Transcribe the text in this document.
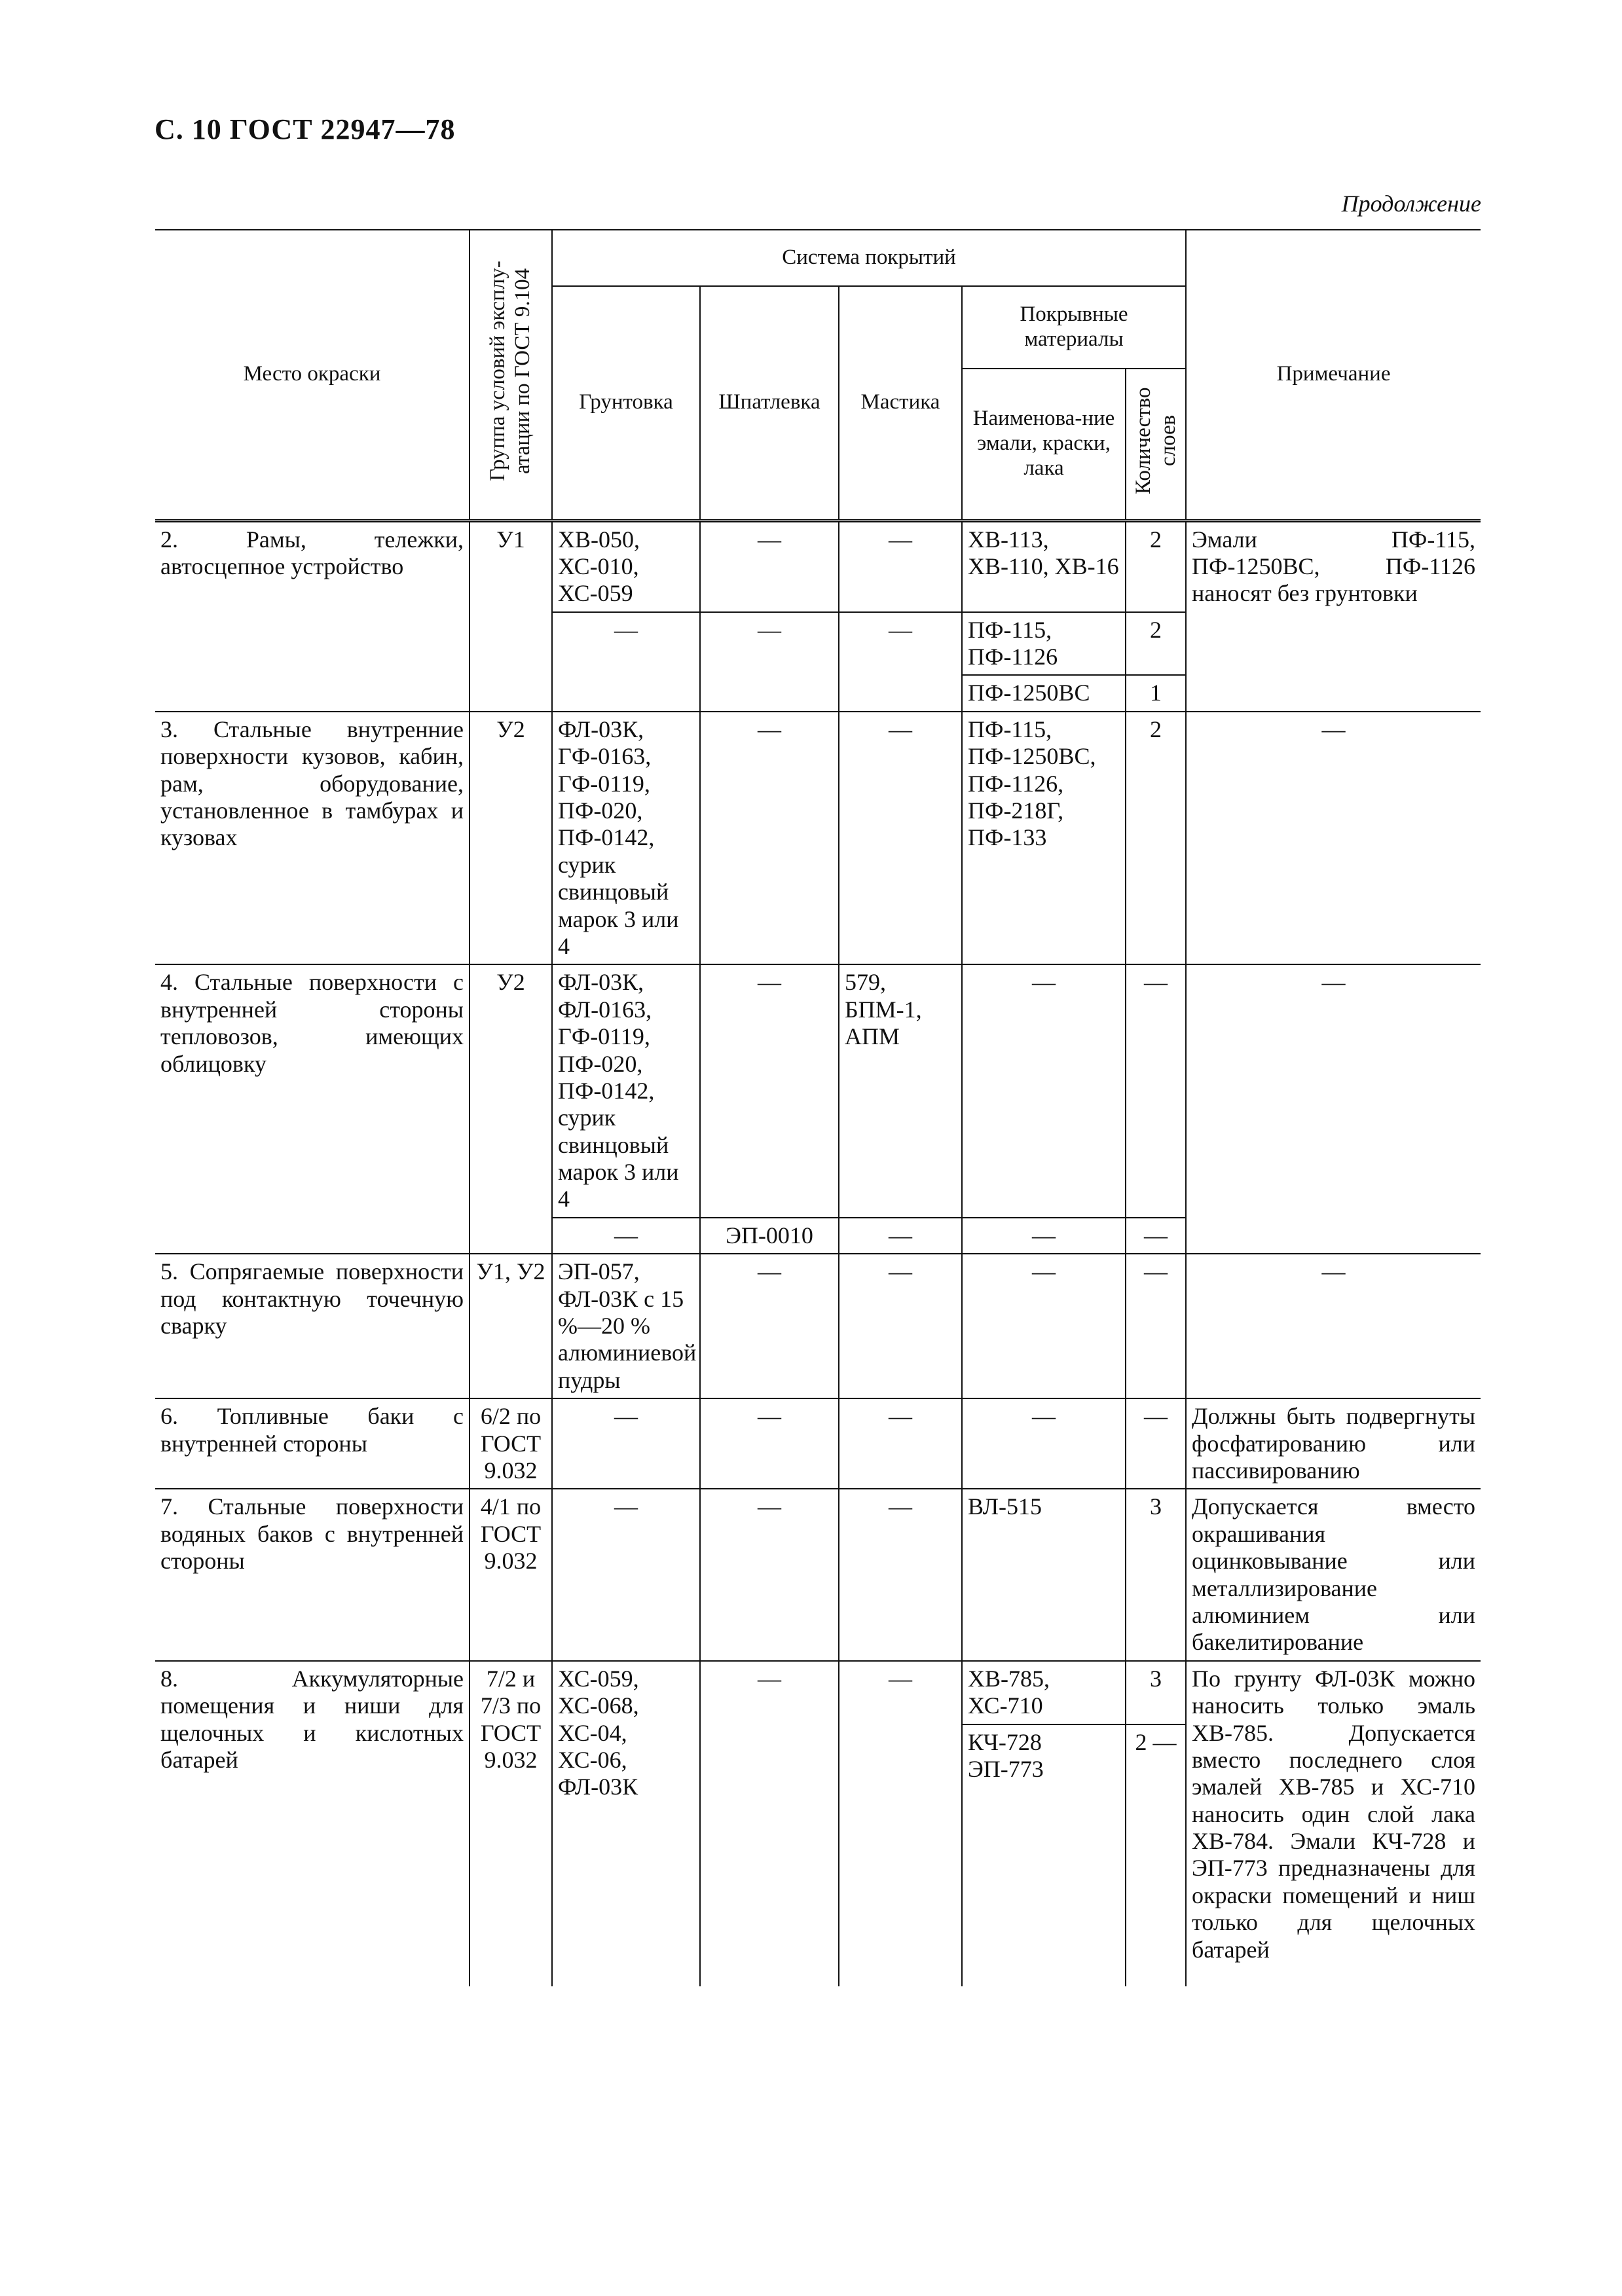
С. 10 ГОСТ 22947—78
Продолжение
Место окраски	Группа условий эксплу-атации по ГОСТ 9.104	Система покрытий					Примечание
		Грунтовка	Шпатлевка	Мастика	Покрывные материалы		
					Наименова-ние эмали, краски, лака	Количество слоев	
2. Рамы, тележки, автосцепное устройство	У1	ХВ-050, ХС-010, ХС-059	—	—	ХВ-113, ХВ-110, ХВ-16	2	Эмали ПФ-115, ПФ-1250ВС, ПФ-1126 наносят без грунтовки
		—	—	—	ПФ-115, ПФ-1126	2	
					ПФ-1250ВС	1	
3. Стальные внутренние поверхности кузовов, кабин, рам, оборудование, установленное в тамбурах и кузовах	У2	ФЛ-03К, ГФ-0163, ГФ-0119, ПФ-020, ПФ-0142, сурик свинцовый марок 3 или 4	—	—	ПФ-115, ПФ-1250ВС, ПФ-1126, ПФ-218Г, ПФ-133	2	—
4. Стальные поверхности с внутренней стороны тепловозов, имеющих облицовку	У2	ФЛ-03К, ФЛ-0163, ГФ-0119, ПФ-020, ПФ-0142, сурик свинцовый марок 3 или 4	—	579, БПМ-1, АПМ	—	—	—
		—	ЭП-0010	—	—	—	
5. Сопрягаемые поверхности под контактную точечную сварку	У1, У2	ЭП-057, ФЛ-03К с 15 %—20 % алюминиевой пудры	—	—	—	—	—
6. Топливные баки с внутренней стороны	6/2 по ГОСТ 9.032	—	—	—	—	—	Должны быть подвергнуты фосфатированию или пассивированию
7. Стальные поверхности водяных баков с внутренней стороны	4/1 по ГОСТ 9.032	—	—	—	ВЛ-515	3	Допускается вместо окрашивания оцинковывание или металлизирование алюминием или бакелитирование
8. Аккумуляторные помещения и ниши для щелочных и кислотных батарей	7/2 и 7/3 по ГОСТ 9.032	ХС-059, ХС-068, ХС-04, ХС-06, ФЛ-03К	—	—	ХВ-785, ХС-710	3	По грунту ФЛ-03К можно наносить только эмаль ХВ-785. Допускается вместо последнего слоя эмалей ХВ-785 и ХС-710 наносить один слой лака ХВ-784. Эмали КЧ-728 и ЭП-773 предназначены для окраски помещений и ниш только для щелочных батарей
					КЧ-728 ЭП-773	2 —	
